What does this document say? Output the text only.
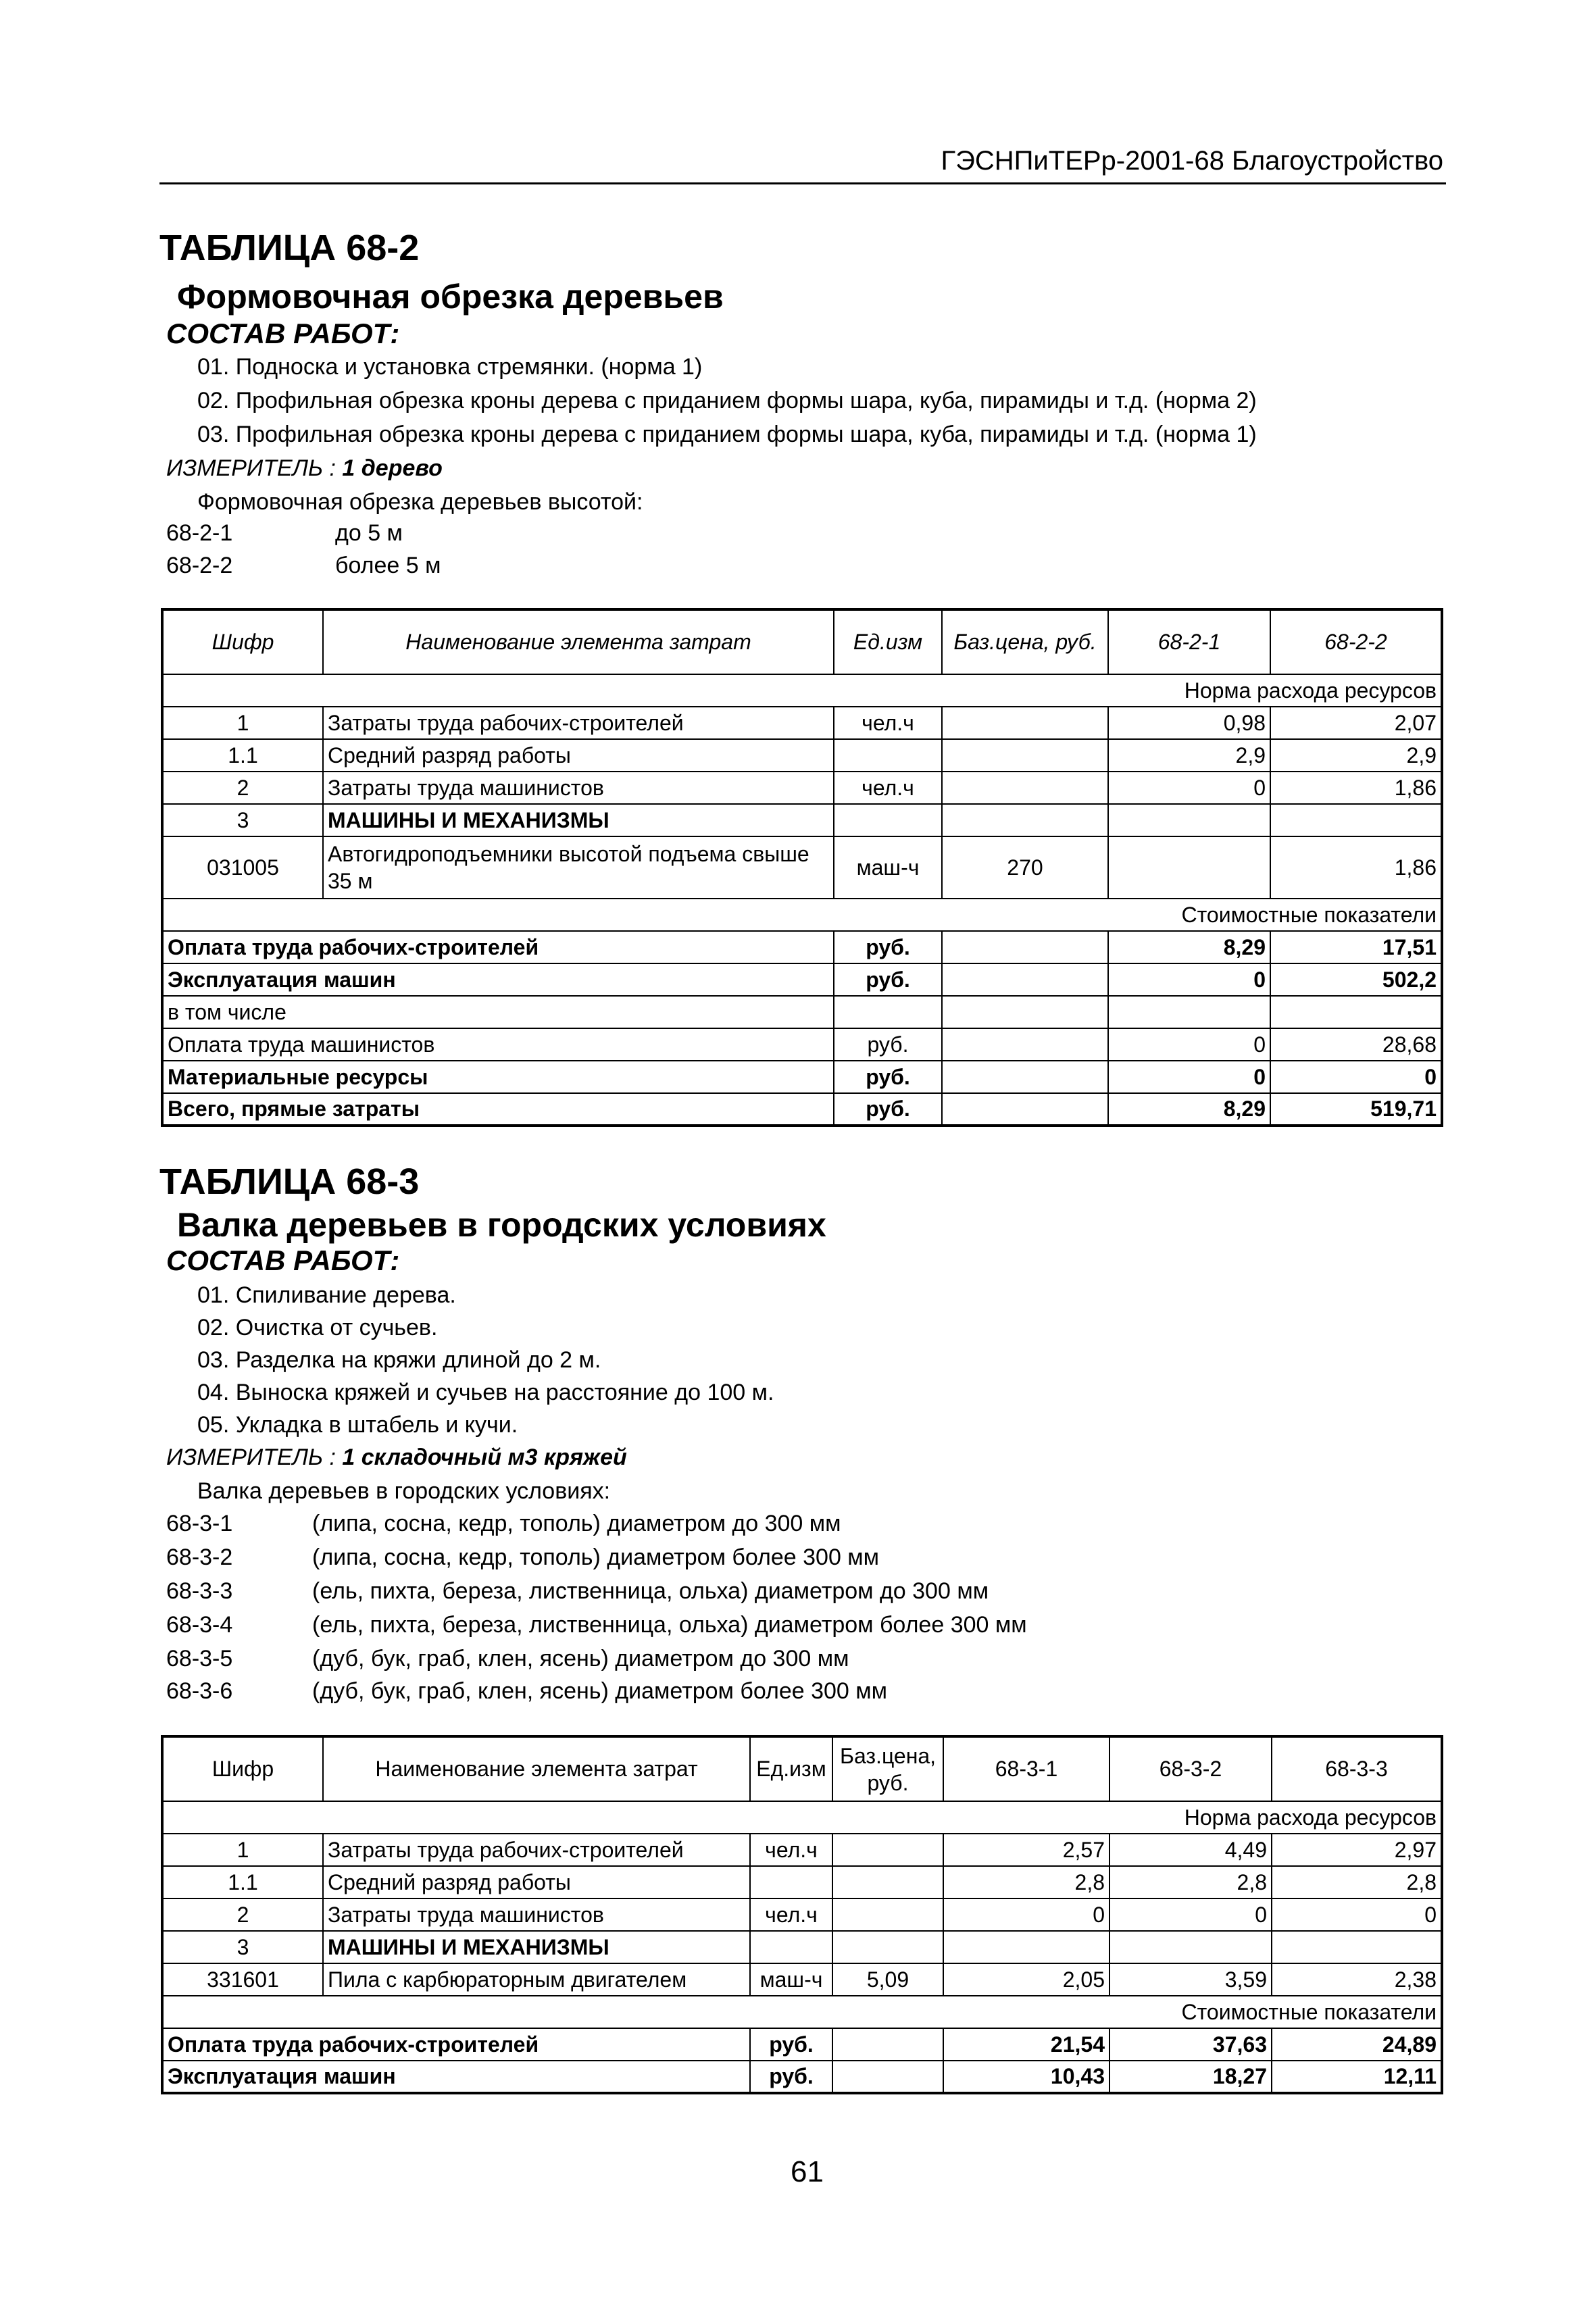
ГЭСНПиТЕРр-2001-68 Благоустройство
ТАБЛИЦА 68-2
Формовочная обрезка деревьев
СОСТАВ РАБОТ:
01. Подноска и установка стремянки. (норма 1)
02. Профильная обрезка кроны дерева с приданием формы шара, куба, пирамиды и т.д. (норма 2)
03. Профильная обрезка кроны дерева с приданием формы шара, куба, пирамиды и т.д. (норма 1)
ИЗМЕРИТЕЛЬ : 1 дерево
Формовочная обрезка деревьев высотой:
68-2-1	до 5 м
68-2-2	более 5 м
Шифр	Наименование элемента затрат	Ед.изм	Баз.цена, руб.	68-2-1	68-2-2
Норма расхода ресурсов					
1	Затраты труда рабочих-строителей	чел.ч		0,98	2,07
1.1	Средний разряд работы			2,9	2,9
2	Затраты труда машинистов	чел.ч		0	1,86
3	МАШИНЫ И МЕХАНИЗМЫ				
031005	Автогидроподъемники высотой подъема свыше 35 м	маш-ч	270		1,86
Стоимостные показатели					
Оплата труда рабочих-строителей		руб.		8,29	17,51
Эксплуатация машин		руб.		0	502,2
в том числе					
Оплата труда машинистов		руб.		0	28,68
Материальные ресурсы		руб.		0	0
Всего, прямые затраты		руб.		8,29	519,71
ТАБЛИЦА 68-3
Валка деревьев в городских условиях
СОСТАВ РАБОТ:
01. Спиливание дерева.
02. Очистка от сучьев.
03. Разделка на кряжи длиной до 2 м.
04. Выноска кряжей и сучьев на расстояние до 100 м.
05. Укладка в штабель и кучи.
ИЗМЕРИТЕЛЬ : 1 складочный м3 кряжей
Валка деревьев в городских условиях:
68-3-1	(липа, сосна, кедр, тополь) диаметром до 300 мм
68-3-2	(липа, сосна, кедр, тополь) диаметром более 300 мм
68-3-3	(ель, пихта, береза, лиственница, ольха) диаметром до 300 мм
68-3-4	(ель, пихта, береза, лиственница, ольха) диаметром более 300 мм
68-3-5	(дуб, бук, граб, клен, ясень) диаметром до 300 мм
68-3-6	(дуб, бук, граб, клен, ясень) диаметром более 300 мм
Шифр	Наименование элемента затрат	Ед.изм	Баз.цена, руб.	68-3-1	68-3-2	68-3-3
Норма расхода ресурсов						
1	Затраты труда рабочих-строителей	чел.ч		2,57	4,49	2,97
1.1	Средний разряд работы			2,8	2,8	2,8
2	Затраты труда машинистов	чел.ч		0	0	0
3	МАШИНЫ И МЕХАНИЗМЫ					
331601	Пила с карбюраторным двигателем	маш-ч	5,09	2,05	3,59	2,38
Стоимостные показатели						
Оплата труда рабочих-строителей		руб.		21,54	37,63	24,89
Эксплуатация машин		руб.		10,43	18,27	12,11
61
